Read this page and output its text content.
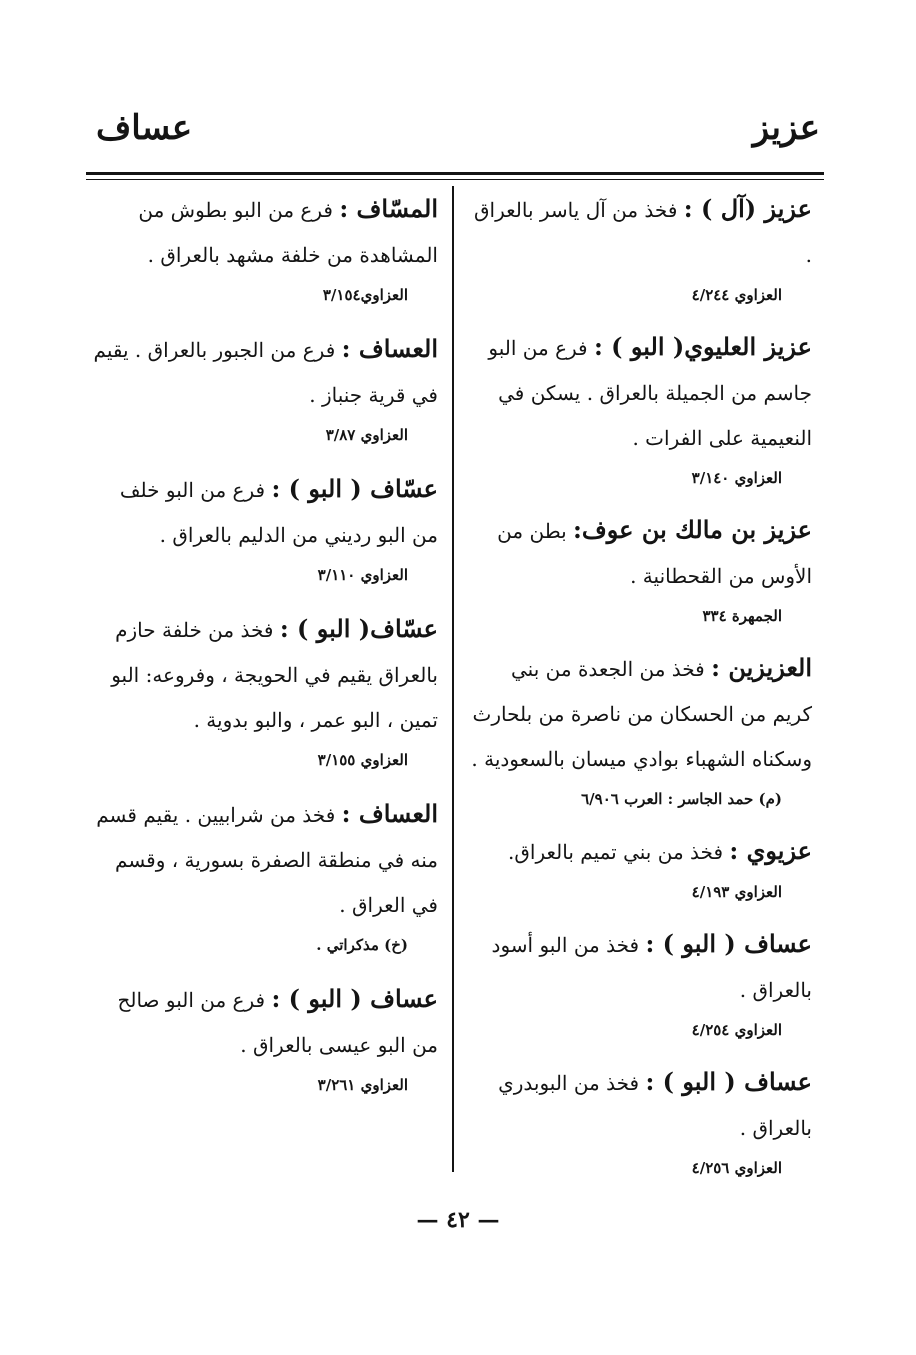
عزيز
عساف

عزيز (آل ) : فخذ من آل ياسر بالعراق .

العزاوي ٤/٢٤٤

عزيز العليوي( البو ) : فرع من البو جاسم من الجميلة بالعراق . يسكن في النعيمية على الفرات .

العزاوي ٣/١٤٠

عزيز بن مالك بن عوف: بطن من الأوس من القحطانية .

الجمهرة ٣٣٤

العزيزين : فخذ من الجعدة من بني كريم من الحسكان من ناصرة من بلحارث وسكناه الشهباء بوادي ميسان بالسعودية .

(م) حمد الجاسر : العرب ٦/٩٠٦

عزيوي : فخذ من بني تميم بالعراق.

العزاوي ٤/١٩٣

عساف ( البو ) : فخذ من البو أسود بالعراق .

العزاوي ٤/٢٥٤

عساف ( البو ) : فخذ من البوبدري بالعراق .

العزاوي ٤/٢٥٦

المسّاف : فرع من البو بطوش من المشاهدة من خلفة مشهد بالعراق .

العزاوي٣/١٥٤

العساف : فرع من الجبور بالعراق . يقيم في قرية جنباز .

العزاوي ٣/٨٧

عسّاف ( البو ) : فرع من البو خلف من البو رديني من الدليم بالعراق .

العزاوي ٣/١١٠

عسّاف( البو ) : فخذ من خلفة حازم بالعراق يقيم في الحويجة ، وفروعه: البو تمين ، البو عمر ، والبو بدوية .

العزاوي ٣/١٥٥

العساف : فخذ من شرابيين . يقيم قسم منه في منطقة الصفرة بسورية ، وقسم في العراق .

(خ) مذكراتي .

عساف ( البو ) : فرع من البو صالح من البو عيسى بالعراق .

العزاوي ٣/٢٦١

— ٤٢ —
